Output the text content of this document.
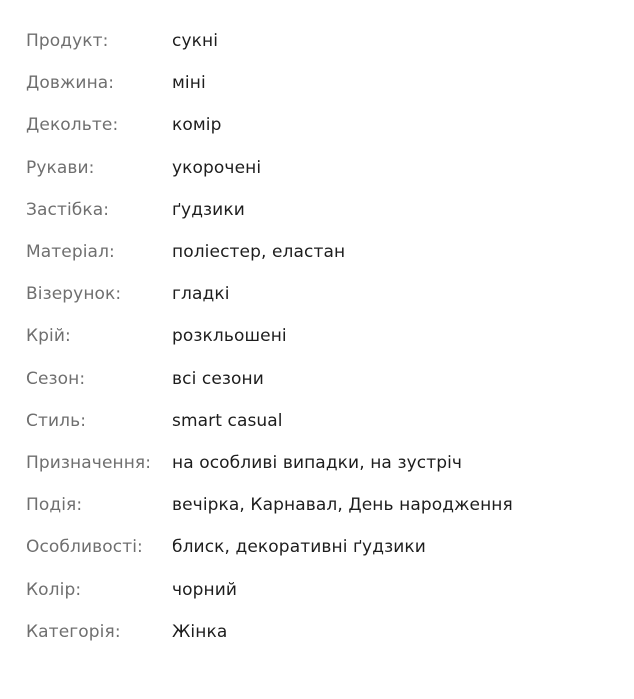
Продукт:	сукні
Довжина:	міні
Декольте:	комір
Рукави:	укорочені
Застібка:	ґудзики
Матеріал:	поліестер, еластан
Візерунок:	гладкі
Крій:	розкльошені
Сезон:	всі сезони
Стиль:	smart casual
Призначення:	на особливі випадки, на зустріч
Подія:	вечірка, Карнавал, День народження
Особливості:	блиск, декоративні ґудзики
Колір:	чорний
Категорія:	Жінка
